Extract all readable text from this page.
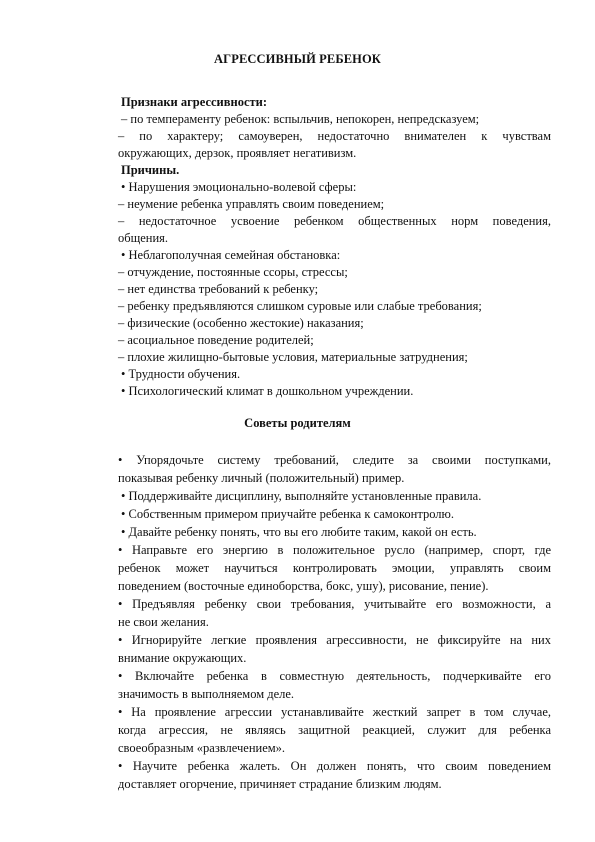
АГРЕССИВНЫЙ РЕБЕНОК
Признаки агрессивности:
– по темпераменту ребенок: вспыльчив, непокорен, непредсказуем;
– по характеру; самоуверен, недостаточно внимателен к чувствам
окружающих, дерзок, проявляет негативизм.
Причины.
• Нарушения эмоционально-волевой сферы:
– неумение ребенка управлять своим поведением;
– недостаточное усвоение ребенком общественных норм поведения,
общения.
• Неблагополучная семейная обстановка:
– отчуждение, постоянные ссоры, стрессы;
– нет единства требований к ребенку;
– ребенку предъявляются слишком суровые или слабые требования;
– физические (особенно жестокие) наказания;
– асоциальное поведение родителей;
– плохие жилищно-бытовые условия, материальные затруднения;
• Трудности обучения.
• Психологический климат в дошкольном учреждении.
Советы родителям
• Упорядочьте систему требований, следите за своими поступками,
показывая ребенку личный (положительный) пример.
• Поддерживайте дисциплину, выполняйте установленные правила.
• Собственным примером приучайте ребенка к самоконтролю.
• Давайте ребенку понять, что вы его любите таким, какой он есть.
• Направьте его энергию в положительное русло (например, спорт, где
ребенок может научиться контролировать эмоции, управлять своим
поведением (восточные единоборства, бокс, ушу), рисование, пение).
• Предъявляя ребенку свои требования, учитывайте его возможности, а
не свои желания.
• Игнорируйте легкие проявления агрессивности, не фиксируйте на них
внимание окружающих.
• Включайте ребенка в совместную деятельность, подчеркивайте его
значимость в выполняемом деле.
• На проявление агрессии устанавливайте жесткий запрет в том случае,
когда агрессия, не являясь защитной реакцией, служит для ребенка
своеобразным «развлечением».
• Научите ребенка жалеть. Он должен понять, что своим поведением
доставляет огорчение, причиняет страдание близким людям.
